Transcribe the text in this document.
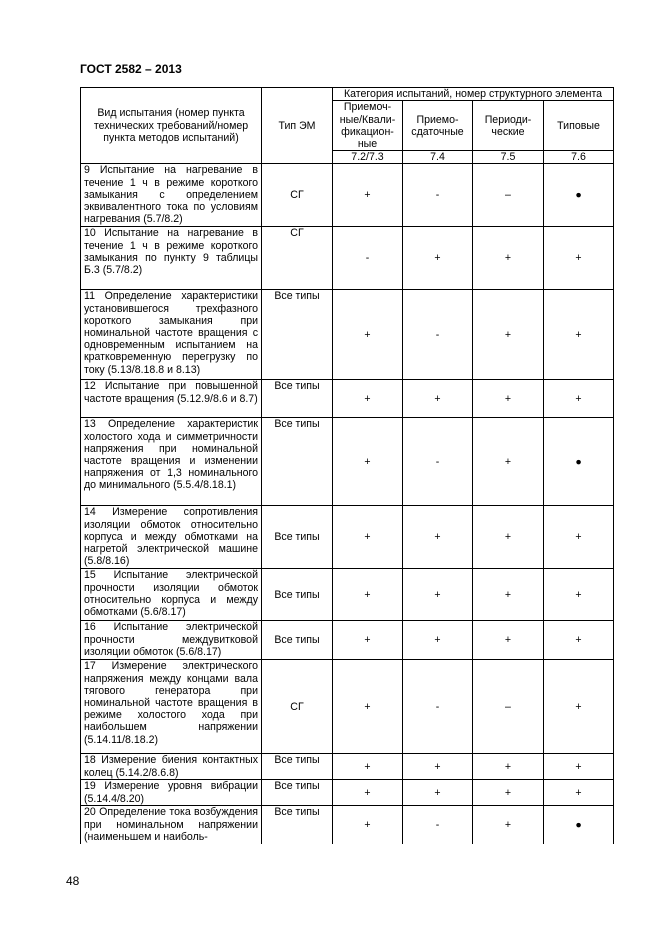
ГОСТ 2582 – 2013
Вид испытания (номер пункта технических требований/номер пункта методов испытаний)	Тип ЭМ	Категория испытаний, номер структурного элемента			
		Приемоч- ные/Квали- фикацион- ные	Приемо- сдаточные	Периоди- ческие	Типовые
		7.2/7.3	7.4	7.5	7.6
9 Испытание на нагревание в течение 1 ч в режиме короткого замыкания с определением эквивалентного тока по условиям нагревания (5.7/8.2)	СГ	+	-	–	●
10 Испытание на нагревание в течение 1 ч в режиме короткого замыкания по пункту 9 таблицы Б.3 (5.7/8.2)	СГ	-	+	+	+
11 Определение характеристики установившегося трехфазного короткого замыкания при номинальной частоте вращения с одновременным испытанием на кратковременную перегрузку по току (5.13/8.18.8 и 8.13)	Все типы	+	-	+	+
12 Испытание при повышенной частоте вращения (5.12.9/8.6 и 8.7)	Все типы	+	+	+	+
13 Определение характеристик холостого хода и симметричности напряжения при номинальной частоте вращения и изменении напряжения от 1,3 номинального до минимального (5.5.4/8.18.1)	Все типы	+	-	+	●
14 Измерение сопротивления изоляции обмоток относительно корпуса и между обмотками на нагретой электрической машине (5.8/8.16)	Все типы	+	+	+	+
15 Испытание электрической прочности изоляции обмоток относительно корпуса и между обмотками (5.6/8.17)	Все типы	+	+	+	+
16 Испытание электрической прочности междувитковой изоляции обмоток (5.6/8.17)	Все типы	+	+	+	+
17 Измерение электрического напряжения между концами вала тягового генератора при номинальной частоте вращения в режиме холостого хода при наибольшем напряжении (5.14.11/8.18.2)	СГ	+	-	–	+
18 Измерение биения контактных колец (5.14.2/8.6.8)	Все типы	+	+	+	+
19 Измерение уровня вибрации (5.14.4/8.20)	Все типы	+	+	+	+
20 Определение тока возбуждения при номинальном напряжении (наименьшем и наиболь-	Все типы	+	-	+	●
48
